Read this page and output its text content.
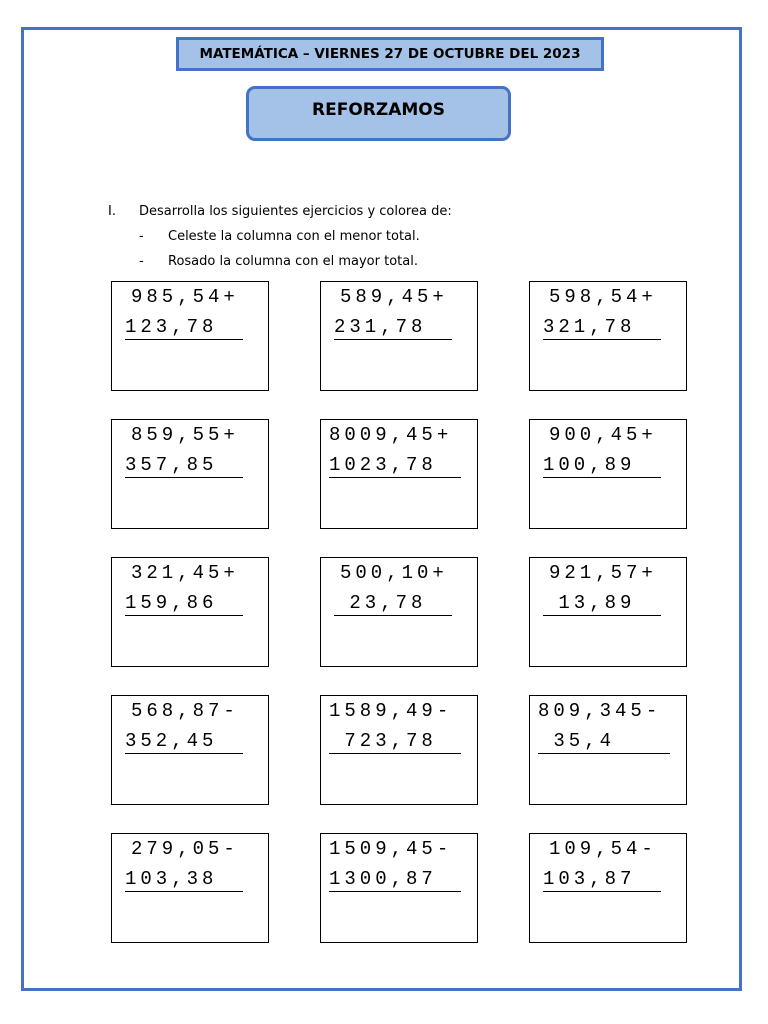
MATEMÁTICA – VIERNES 27 DE OCTUBRE DEL 2023
REFORZAMOS
I. Desarrolla los siguientes ejercicios y colorea de:
- Celeste la columna con el menor total.
- Rosado la columna con el mayor total.
985,54+
123,78
589,45+
231,78
598,54+
321,78
859,55+
357,85
8009,45+
1023,78
900,45+
100,89
321,45+
159,86
500,10+
23,78
921,57+
13,89
568,87-
352,45
1589,49-
723,78
809,345-
35,4
279,05-
103,38
1509,45-
1300,87
109,54-
103,87
